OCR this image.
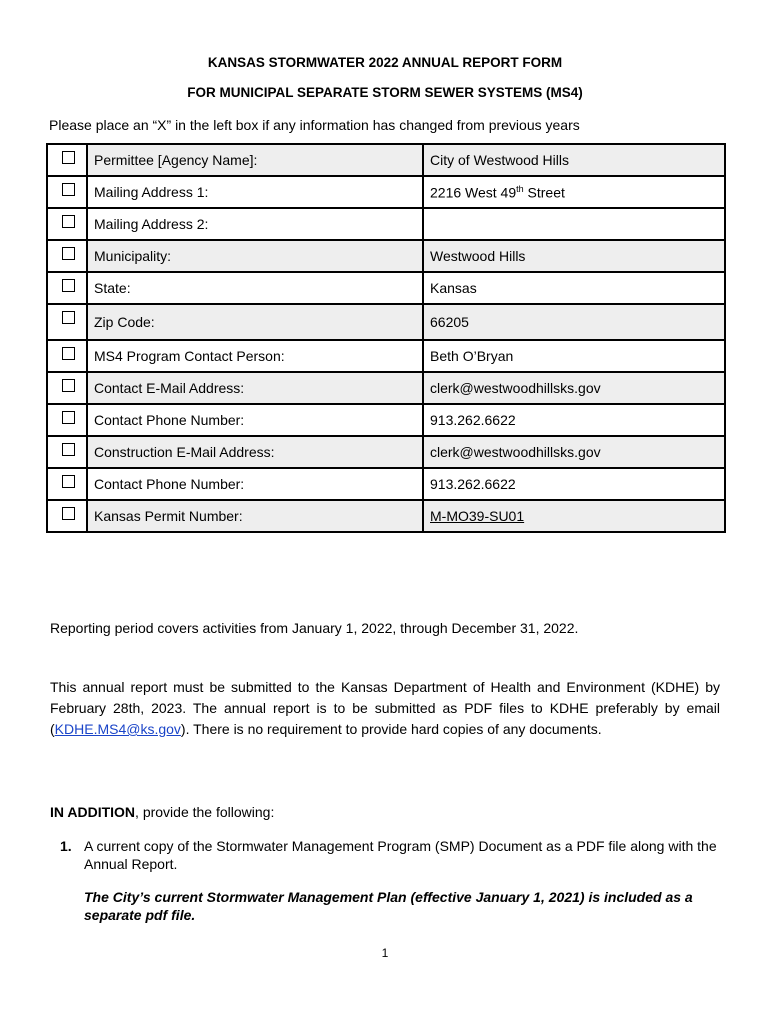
KANSAS STORMWATER 2022 ANNUAL REPORT FORM
FOR MUNICIPAL SEPARATE STORM SEWER SYSTEMS (MS4)
Please place an “X” in the left box if any information has changed from previous years
	Permittee [Agency Name]:	City of Westwood Hills

	Mailing Address 1:	2216 West 49th Street

	Mailing Address 2:	

	Municipality:	Westwood Hills

	State:	Kansas

	Zip Code:	66205

	MS4 Program Contact Person:	Beth O’Bryan

	Contact E-Mail Address:	clerk@westwoodhillsks.gov

	Contact Phone Number:	913.262.6622

	Construction E-Mail Address:	clerk@westwoodhillsks.gov

	Contact Phone Number:	913.262.6622

	Kansas Permit Number:	M-MO39-SU01
Reporting period covers activities from January 1, 2022, through December 31, 2022.
This annual report must be submitted to the Kansas Department of Health and Environment (KDHE) by February 28th, 2023. The annual report is to be submitted as PDF files to KDHE preferably by email (KDHE.MS4@ks.gov). There is no requirement to provide hard copies of any documents.
IN ADDITION, provide the following:
1. A current copy of the Stormwater Management Program (SMP) Document as a PDF file along with the Annual Report.
The City’s current Stormwater Management Plan (effective January 1, 2021) is included as a separate pdf file.
1
